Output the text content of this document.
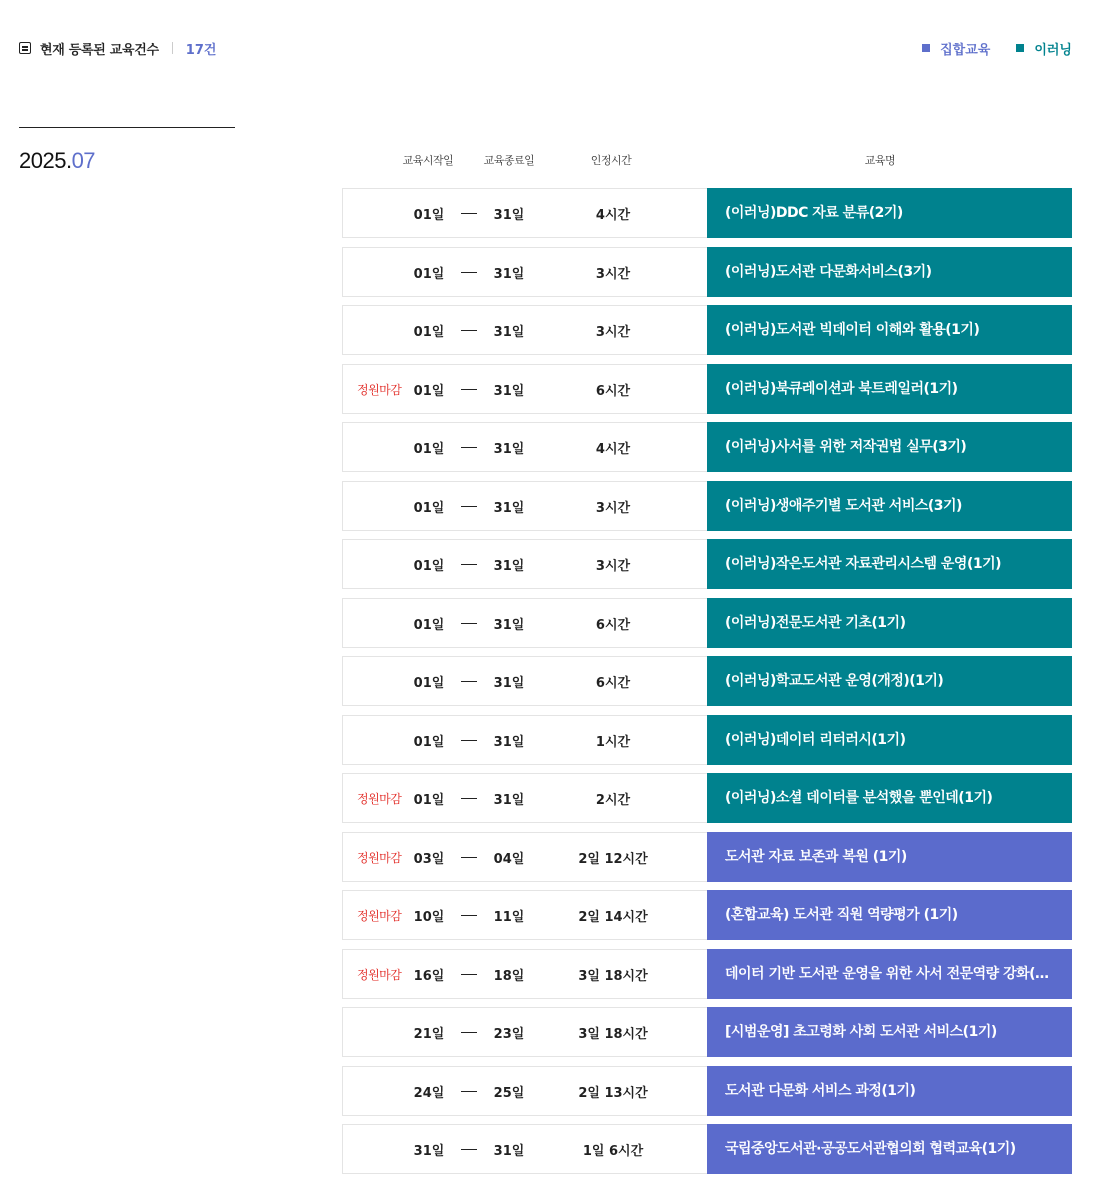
현재 등록된 교육건수 17건	집합교육	이러닝
2025.07	교육시작일	교육종료일	인정시간	교육명
01일	31일	4시간	(이러닝)DDC 자료 분류(2기)
01일	31일	3시간	(이러닝)도서관 다문화서비스(3기)
01일	31일	3시간	(이러닝)도서관 빅데이터 이해와 활용(1기)
정원마감 01일	31일	6시간	(이러닝)북큐레이션과 북트레일러(1기)
01일	31일	4시간	(이러닝)사서를 위한 저작권법 실무(3기)
01일	31일	3시간	(이러닝)생애주기별 도서관 서비스(3기)
01일	31일	3시간	(이러닝)작은도서관 자료관리시스템 운영(1기)
01일	31일	6시간	(이러닝)전문도서관 기초(1기)
01일	31일	6시간	(이러닝)학교도서관 운영(개정)(1기)
01일	31일	1시간	(이러닝)데이터 리터러시(1기)
정원마감 01일	31일	2시간	(이러닝)소셜 데이터를 분석했을 뿐인데(1기)
정원마감 03일	04일	2일 12시간	도서관 자료 보존과 복원 (1기)
정원마감 10일	11일	2일 14시간	(혼합교육) 도서관 직원 역량평가 (1기)
정원마감 16일	18일	3일 18시간	데이터 기반 도서관 운영을 위한 사서 전문역량 강화(…
21일	23일	3일 18시간	[시범운영] 초고령화 사회 도서관 서비스(1기)
24일	25일	2일 13시간	도서관 다문화 서비스 과정(1기)
31일	31일	1일 6시간	국립중앙도서관·공공도서관협의회 협력교육(1기)
